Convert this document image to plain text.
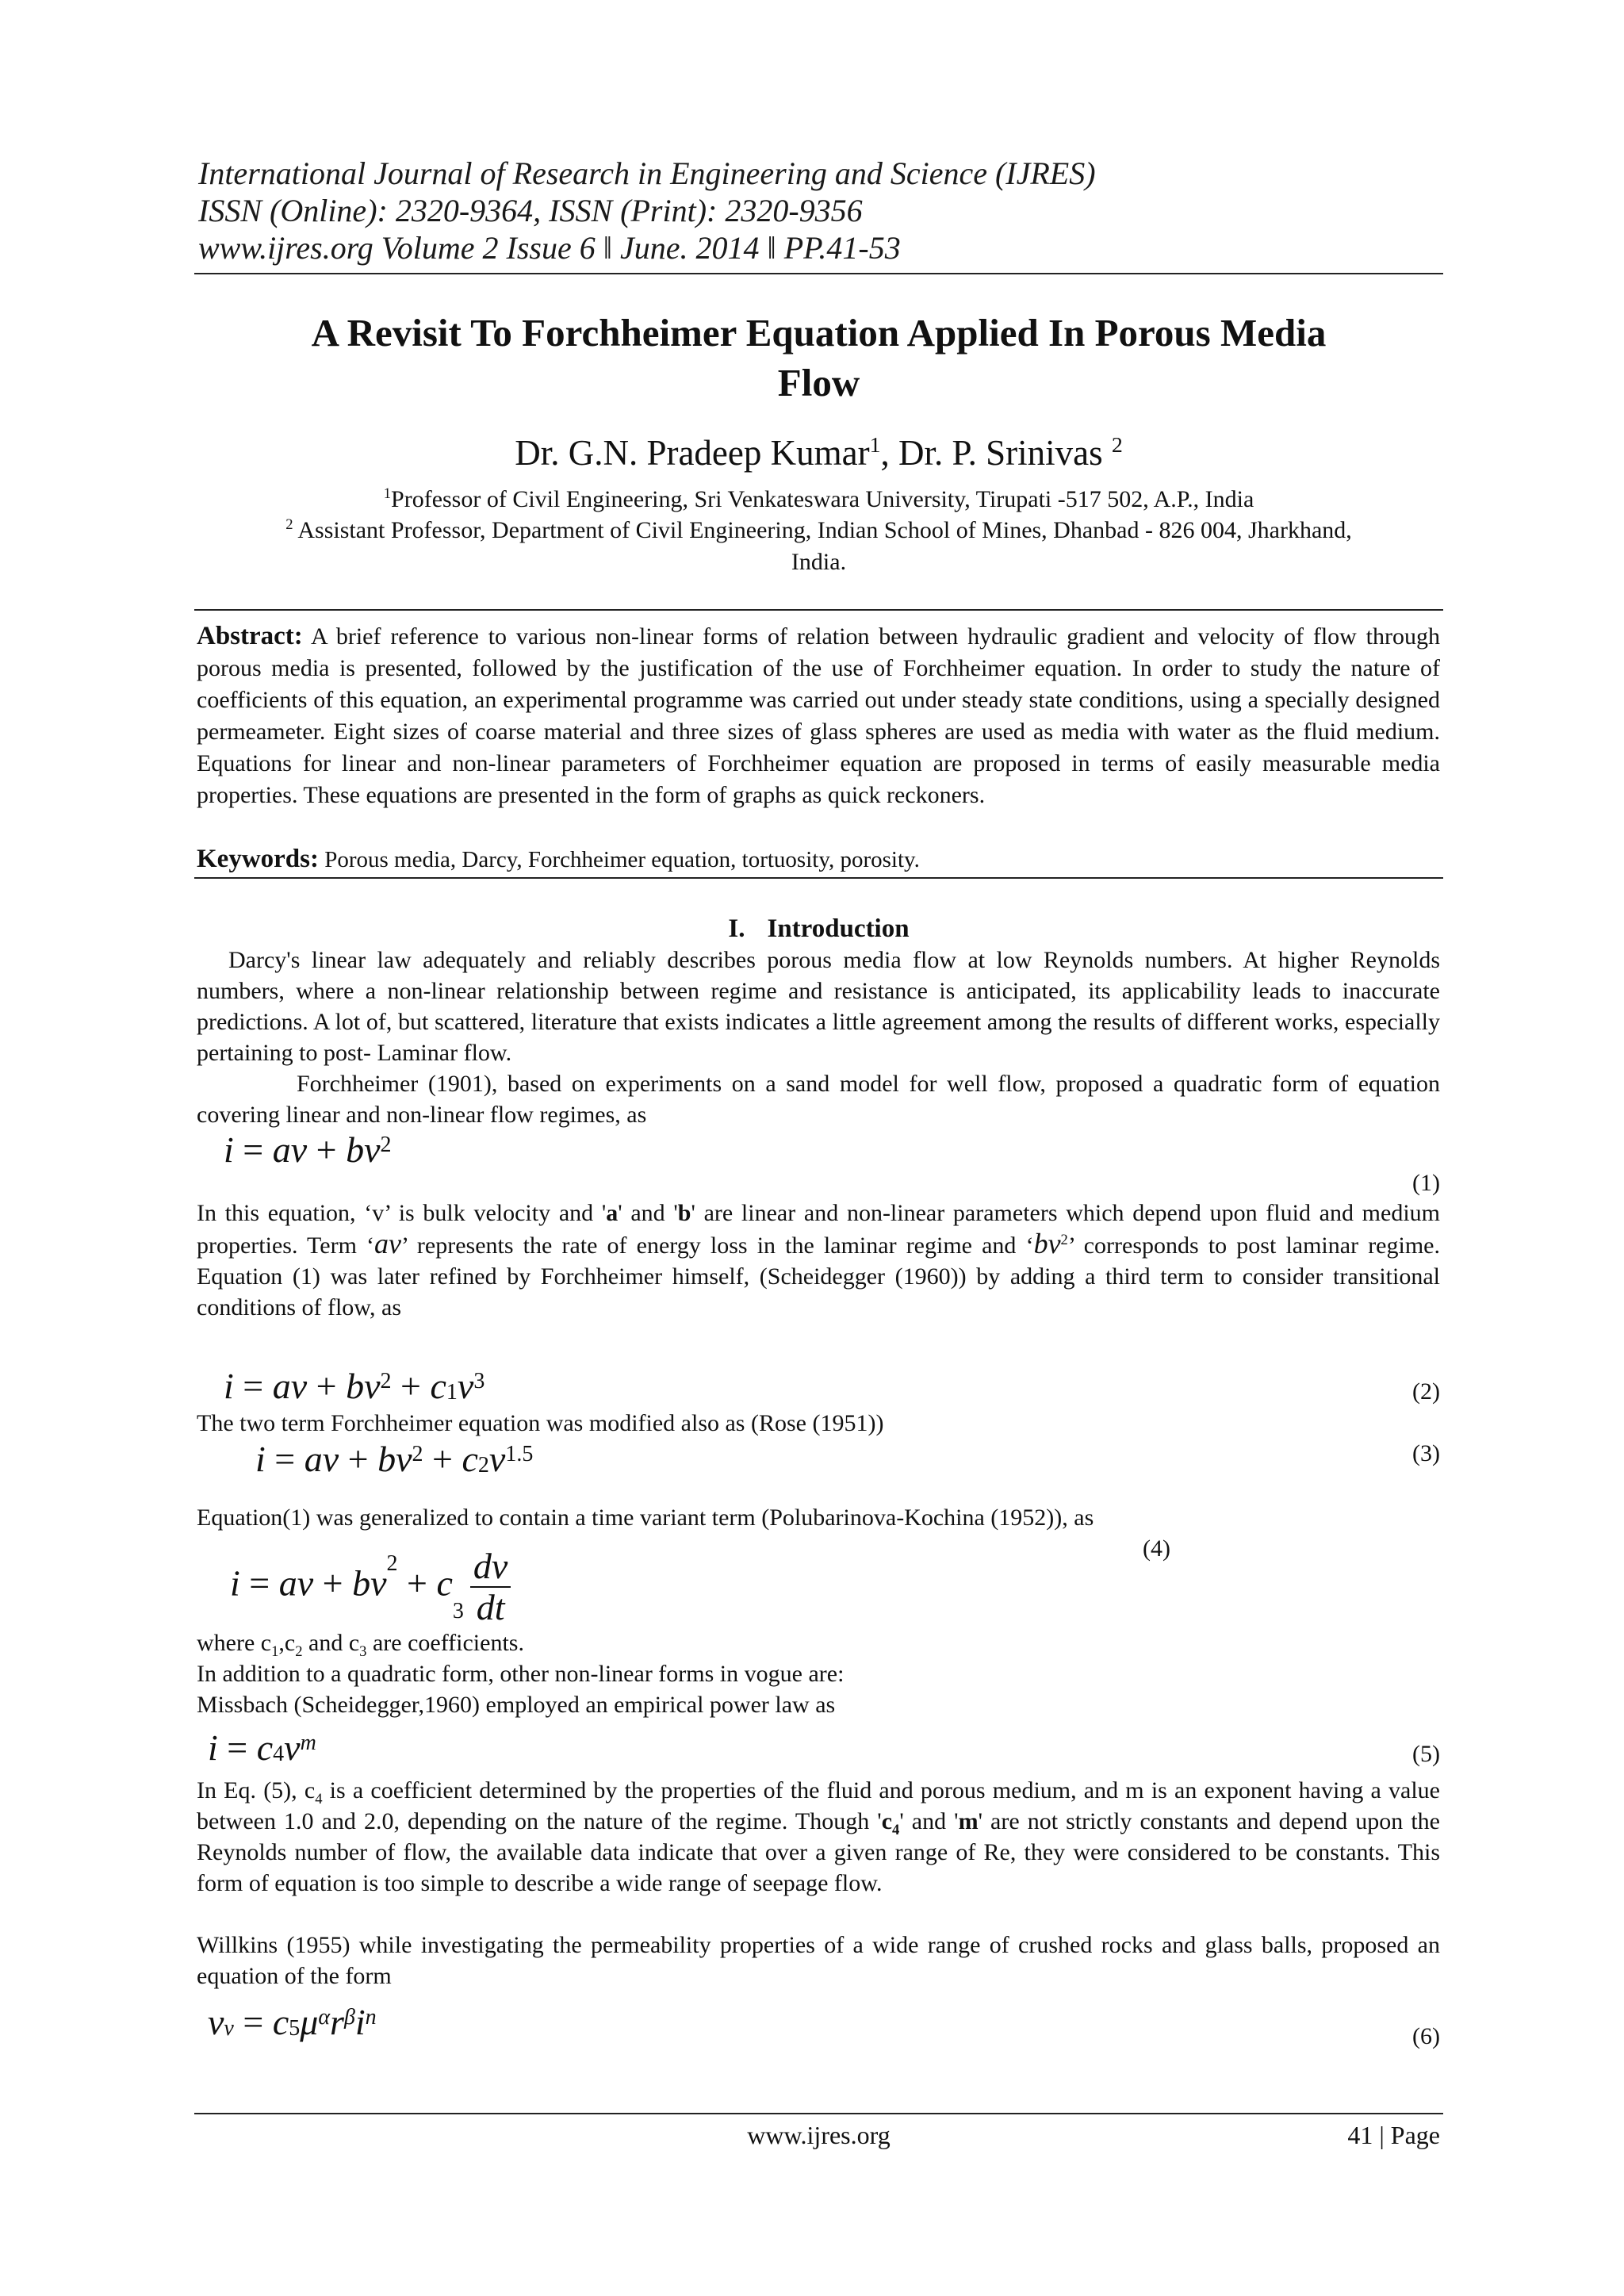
International Journal of Research in Engineering and Science (IJRES)
ISSN (Online): 2320-9364, ISSN (Print): 2320-9356
www.ijres.org Volume 2 Issue 6 ǁ June. 2014 ǁ PP.41-53
A Revisit To Forchheimer Equation Applied In Porous Media
Flow
Dr. G.N. Pradeep Kumar$^1$, Dr. P. Srinivas $^2$
$^1$Professor of Civil Engineering, Sri Venkateswara University, Tirupati -517 502, A.P., India
$^2$ Assistant Professor, Department of Civil Engineering, Indian School of Mines, Dhanbad - 826 004, Jharkhand,
India.
Abstract: A brief reference to various non-linear forms of relation between hydraulic gradient and velocity of flow through porous media is presented, followed by the justification of the use of Forchheimer equation. In order to study the nature of coefficients of this equation, an experimental programme was carried out under steady state conditions, using a specially designed permeameter. Eight sizes of coarse material and three sizes of glass spheres are used as media with water as the fluid medium. Equations for linear and non-linear parameters of Forchheimer equation are proposed in terms of easily measurable media properties. These equations are presented in the form of graphs as quick reckoners.
Keywords: Porous media, Darcy, Forchheimer equation, tortuosity, porosity.
I. Introduction
Darcy's linear law adequately and reliably describes porous media flow at low Reynolds numbers. At higher Reynolds numbers, where a non-linear relationship between regime and resistance is anticipated, its applicability leads to inaccurate predictions. A lot of, but scattered, literature that exists indicates a little agreement among the results of different works, especially pertaining to post- Laminar flow.
Forchheimer (1901), based on experiments on a sand model for well flow, proposed a quadratic form of equation covering linear and non-linear flow regimes, as
i = av + $bv^2$
(1)
In this equation, ‘v’ is bulk velocity and 'a' and 'b' are linear and non-linear parameters which depend upon fluid and medium properties. Term ‘av’ represents the rate of energy loss in the laminar regime and ‘$bv^2$’ corresponds to post laminar regime. Equation (1) was later refined by Forchheimer himself, (Scheidegger (1960)) by adding a third term to consider transitional conditions of flow, as
i = av + $bv^2 + c_1v^3$	(2)
The two term Forchheimer equation was modified also as (Rose (1951))
i = av + $bv^2 + c_2v^{1.5}$	(3)
Equation(1) was generalized to contain a time variant term (Polubarinova-Kochina (1952)), as
i = av + $bv^2 + c_3 \frac{dv}{dt}$	(4)
where $c_1,c_2$ and $c_3$ are coefficients.
In addition to a quadratic form, other non-linear forms in vogue are:
Missbach (Scheidegger,1960) employed an empirical power law as
$i = c_4v^m$	(5)
In Eq. (5), $c_4$ is a coefficient determined by the properties of the fluid and porous medium, and m is an exponent having a value between 1.0 and 2.0, depending on the nature of the regime. Though '$c_4$' and 'm' are not strictly constants and depend upon the Reynolds number of flow, the available data indicate that over a given range of Re, they were considered to be constants. This form of equation is too simple to describe a wide range of seepage flow.
Willkins (1955) while investigating the permeability properties of a wide range of crushed rocks and glass balls, proposed an equation of the form
$v_v = c_5\mu^\alpha r^\beta i^n$
(6)
www.ijres.org	41 | Page
